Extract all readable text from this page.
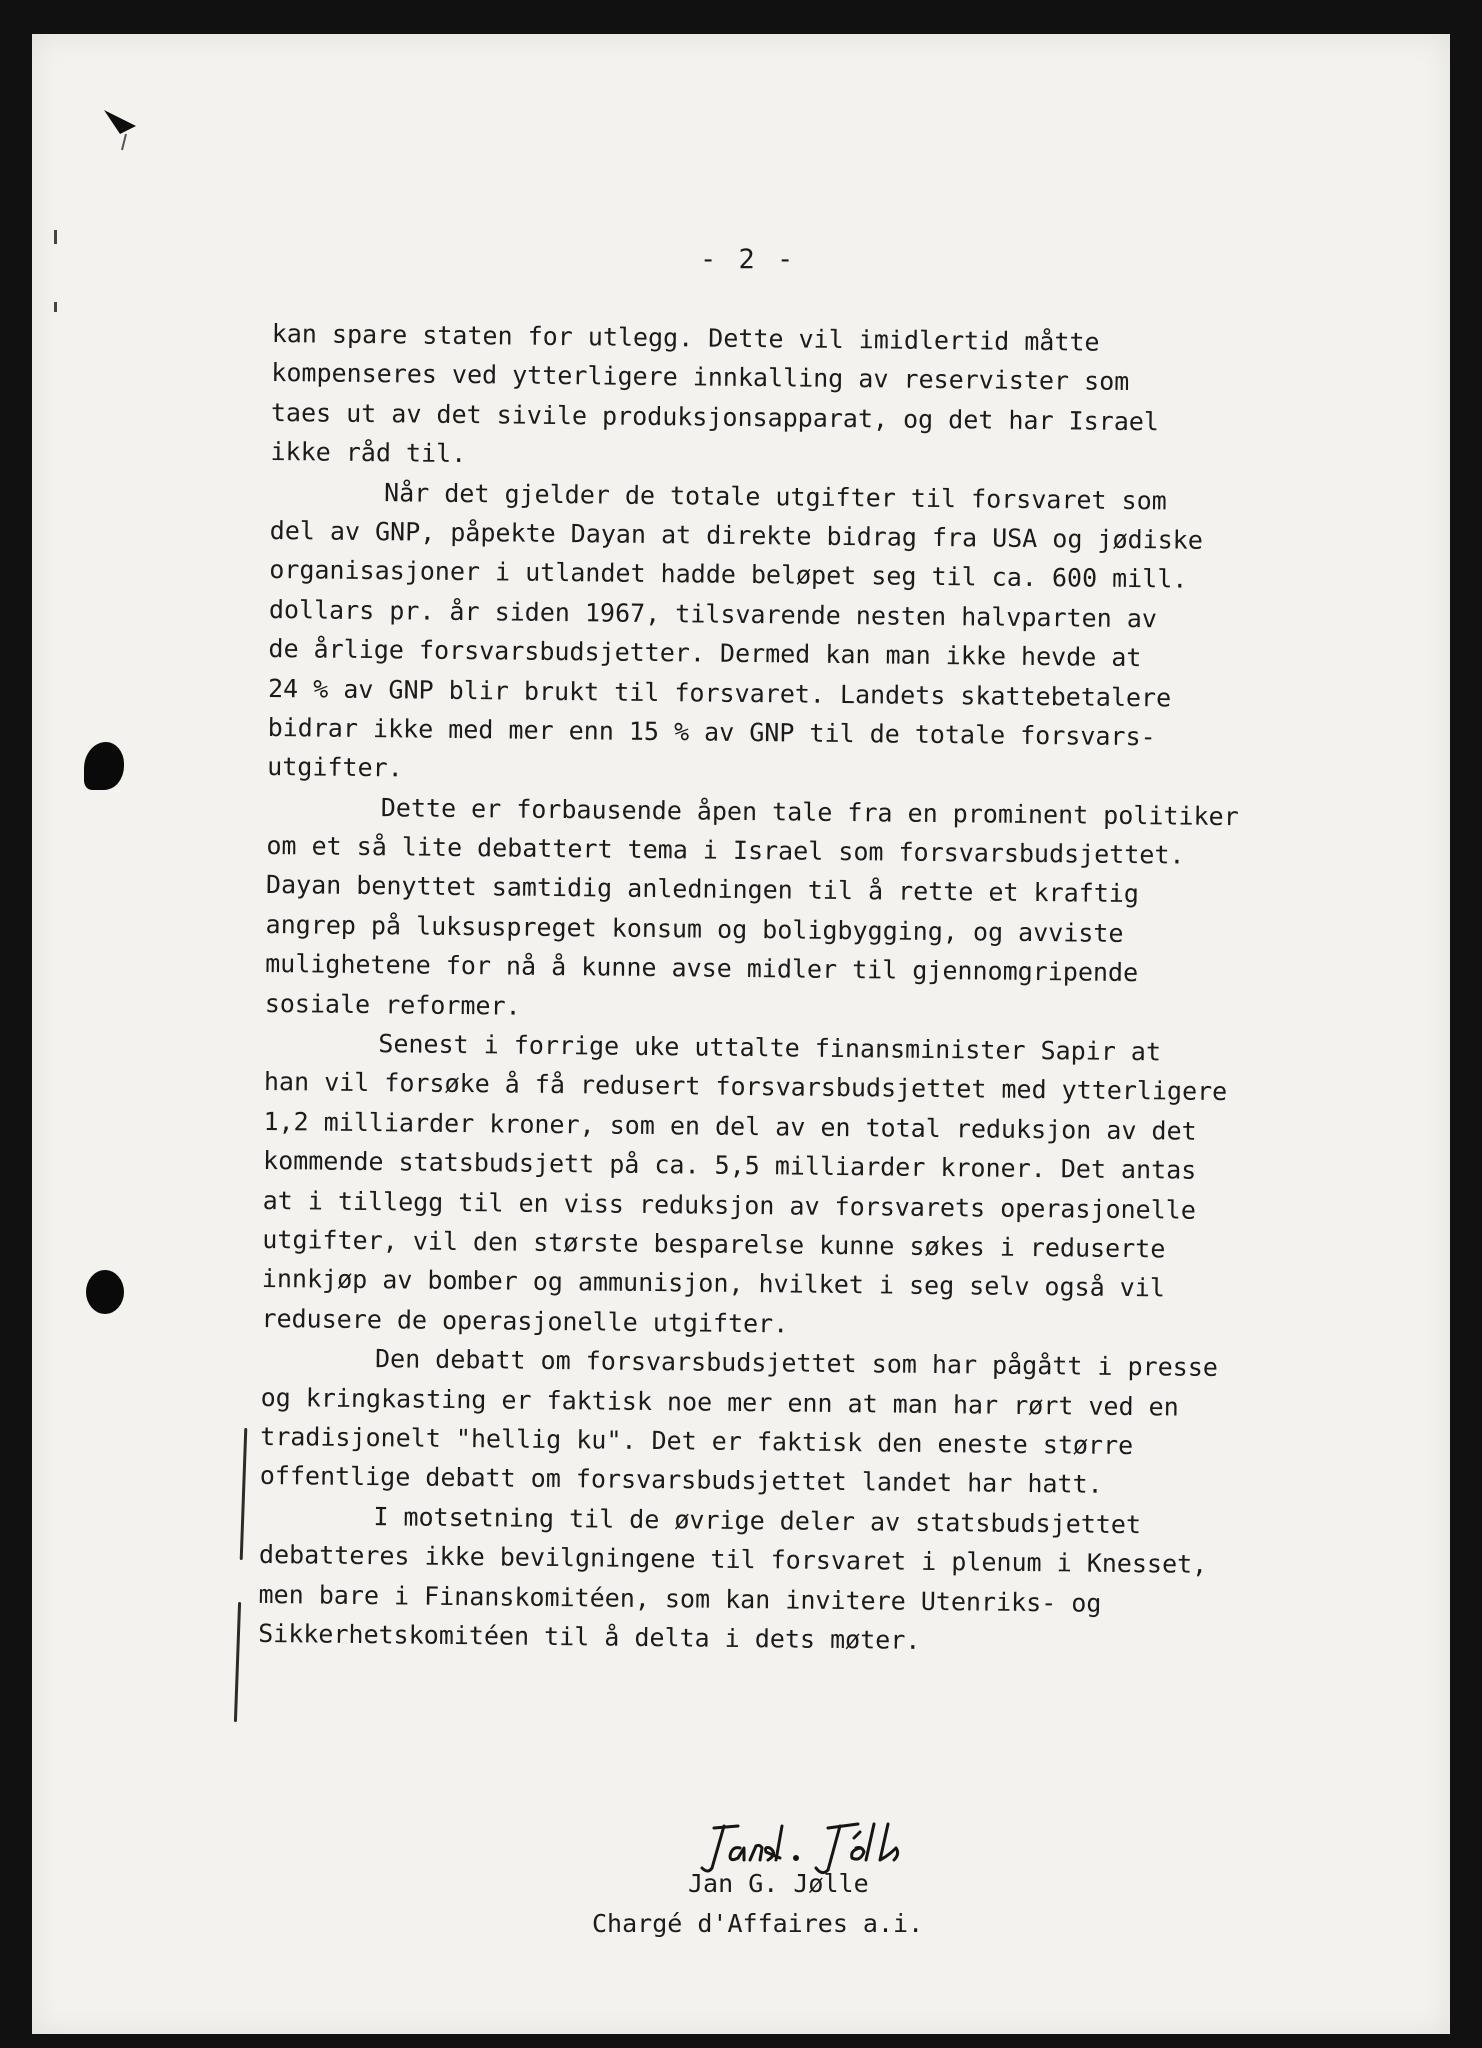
- 2 -
kan spare staten for utlegg. Dette vil imidlertid måtte
kompenseres ved ytterligere innkalling av reservister som
taes ut av det sivile produksjonsapparat, og det har Israel
ikke råd til.
Når det gjelder de totale utgifter til forsvaret som
del av GNP, påpekte Dayan at direkte bidrag fra USA og jødiske
organisasjoner i utlandet hadde beløpet seg til ca. 600 mill.
dollars pr. år siden 1967, tilsvarende nesten halvparten av
de årlige forsvarsbudsjetter. Dermed kan man ikke hevde at
24 % av GNP blir brukt til forsvaret. Landets skattebetalere
bidrar ikke med mer enn 15 % av GNP til de totale forsvars-
utgifter.
Dette er forbausende åpen tale fra en prominent politiker
om et så lite debattert tema i Israel som forsvarsbudsjettet.
Dayan benyttet samtidig anledningen til å rette et kraftig
angrep på luksuspreget konsum og boligbygging, og avviste
mulighetene for nå å kunne avse midler til gjennomgripende
sosiale reformer.
Senest i forrige uke uttalte finansminister Sapir at
han vil forsøke å få redusert forsvarsbudsjettet med ytterligere
1,2 milliarder kroner, som en del av en total reduksjon av det
kommende statsbudsjett på ca. 5,5 milliarder kroner. Det antas
at i tillegg til en viss reduksjon av forsvarets operasjonelle
utgifter, vil den største besparelse kunne søkes i reduserte
innkjøp av bomber og ammunisjon, hvilket i seg selv også vil
redusere de operasjonelle utgifter.
Den debatt om forsvarsbudsjettet som har pågått i presse
og kringkasting er faktisk noe mer enn at man har rørt ved en
tradisjonelt "hellig ku". Det er faktisk den eneste større
offentlige debatt om forsvarsbudsjettet landet har hatt.
I motsetning til de øvrige deler av statsbudsjettet
debatteres ikke bevilgningene til forsvaret i plenum i Knesset,
men bare i Finanskomitéen, som kan invitere Utenriks- og
Sikkerhetskomitéen til å delta i dets møter.
Jan G. Jølle
Chargé d'Affaires a.i.
